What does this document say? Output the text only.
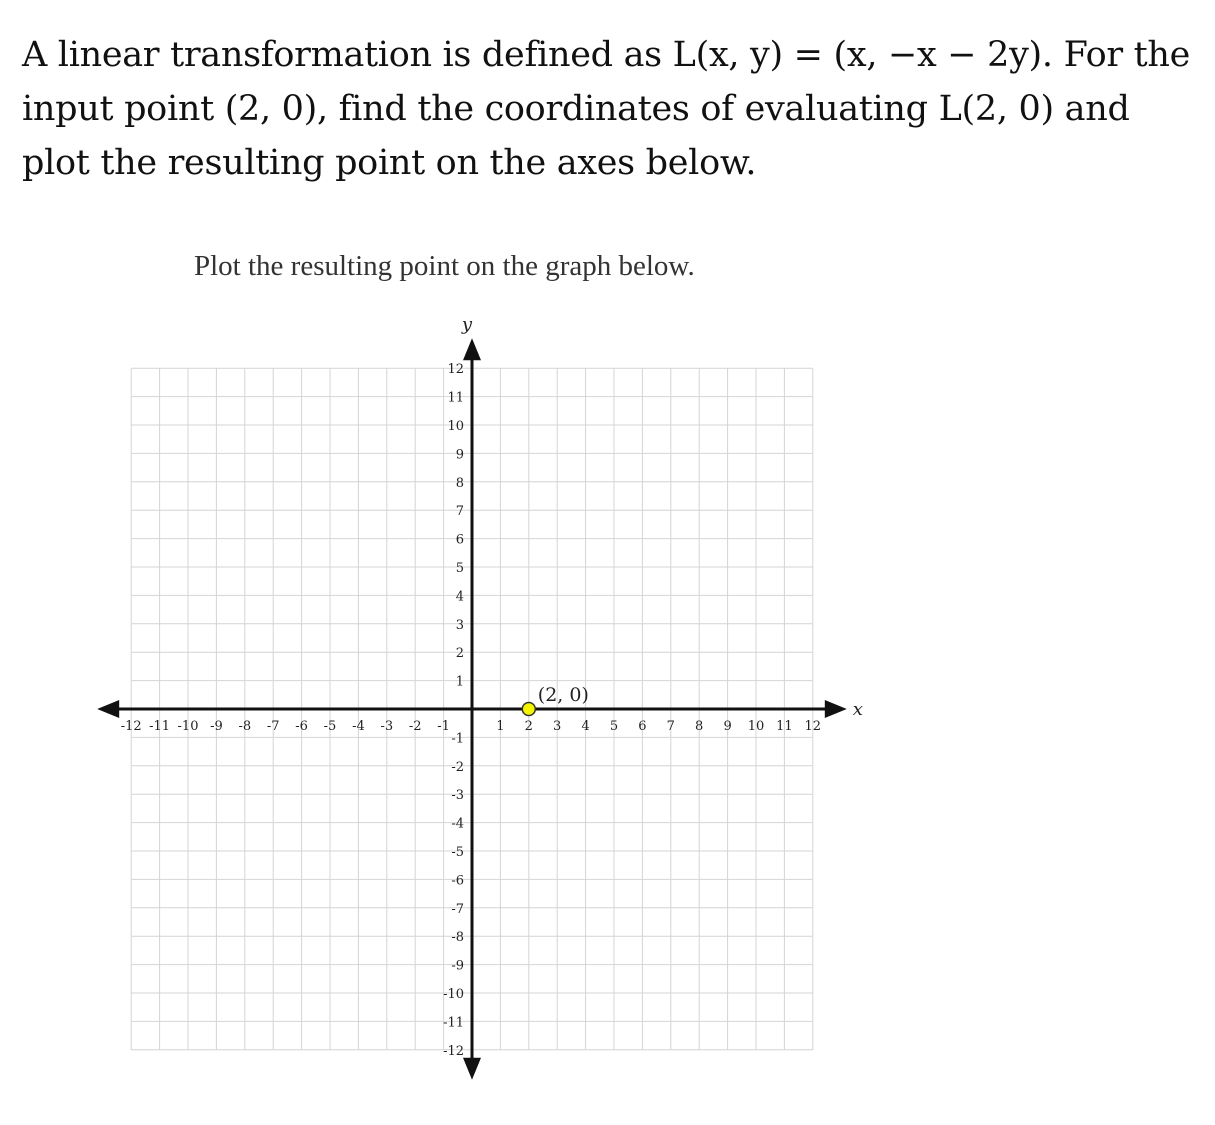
A linear transformation is defined as L(x, y) = (x, −x − 2y). For the input point (2, 0), find the coordinates of evaluating L(2, 0) and plot the resulting point on the axes below.
Plot the resulting point on the graph below.
x
y
-12 -11 -10 -9 -8 -7 -6 -5 -4 -3 -2 -1	1 2 3 4 5 6 7 8 9 10 11 12
12
11
10
9
8
7
6
5
4
3
2
1
-1
-2
-3
-4
-5
-6
-7
-8
-9
-10
-11
-12
(2, 0)
